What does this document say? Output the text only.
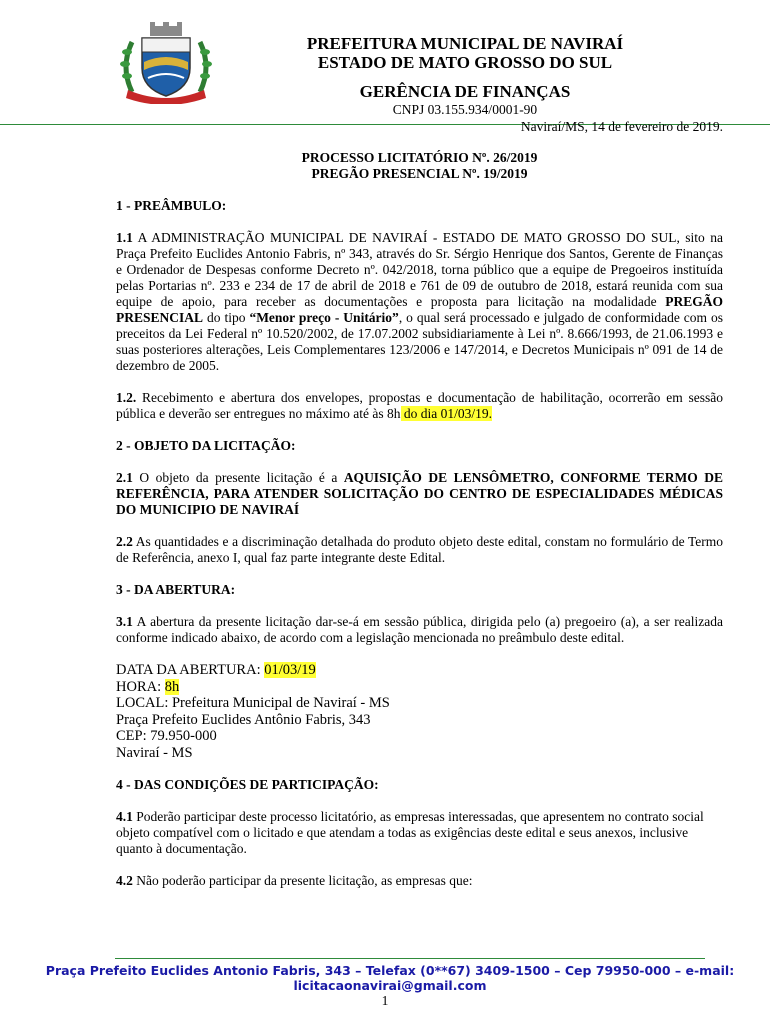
PREFEITURA MUNICIPAL DE NAVIRAÍ
ESTADO DE MATO GROSSO DO SUL
GERÊNCIA DE FINANÇAS
CNPJ 03.155.934/0001-90
Naviraí/MS, 14 de fevereiro de 2019.
PROCESSO LICITATÓRIO Nº. 26/2019
PREGÃO PRESENCIAL Nº. 19/2019

1 - PREÂMBULO:

1.1 A ADMINISTRAÇÃO MUNICIPAL DE NAVIRAÍ - ESTADO DE MATO GROSSO DO SUL, sito na Praça Prefeito Euclides Antonio Fabris, nº 343, através do Sr. Sérgio Henrique dos Santos, Gerente de Finanças e Ordenador de Despesas conforme Decreto nº. 042/2018, torna público que a equipe de Pregoeiros instituída pelas Portarias nº. 233 e 234 de 17 de abril de 2018 e 761 de 09 de outubro de 2018, estará reunida com sua equipe de apoio, para receber as documentações e proposta para licitação na modalidade PREGÃO PRESENCIAL do tipo “Menor preço - Unitário”, o qual será processado e julgado de conformidade com os preceitos da Lei Federal nº 10.520/2002, de 17.07.2002 subsidiariamente à Lei nº. 8.666/1993, de 21.06.1993 e suas posteriores alterações, Leis Complementares 123/2006 e 147/2014, e Decretos Municipais nº 091 de 14 de dezembro de 2005.

1.2. Recebimento e abertura dos envelopes, propostas e documentação de habilitação, ocorrerão em sessão pública e deverão ser entregues no máximo até às 8h do dia 01/03/19.

2 - OBJETO DA LICITAÇÃO:

2.1 O objeto da presente licitação é a AQUISIÇÃO DE LENSÔMETRO, CONFORME TERMO DE REFERÊNCIA, PARA ATENDER SOLICITAÇÃO DO CENTRO DE ESPECIALIDADES MÉDICAS DO MUNICIPIO DE NAVIRAÍ

2.2 As quantidades e a discriminação detalhada do produto objeto deste edital, constam no formulário de Termo de Referência, anexo I, qual faz parte integrante deste Edital.

3 - DA ABERTURA:

3.1 A abertura da presente licitação dar-se-á em sessão pública, dirigida pelo (a) pregoeiro (a), a ser realizada conforme indicado abaixo, de acordo com a legislação mencionada no preâmbulo deste edital.

DATA DA ABERTURA: 01/03/19
HORA: 8h
LOCAL: Prefeitura Municipal de Naviraí - MS
Praça Prefeito Euclides Antônio Fabris, 343
CEP: 79.950-000
Naviraí - MS

4 - DAS CONDIÇÕES DE PARTICIPAÇÃO:

4.1 Poderão participar deste processo licitatório, as empresas interessadas, que apresentem no contrato social objeto compatível com o licitado e que atendam a todas as exigências deste edital e seus anexos, inclusive quanto à documentação.

4.2 Não poderão participar da presente licitação, as empresas que:

Praça Prefeito Euclides Antonio Fabris, 343 – Telefax (0**67) 3409-1500 – Cep 79950-000 – e-mail:
licitacaonavirai@gmail.com
1
